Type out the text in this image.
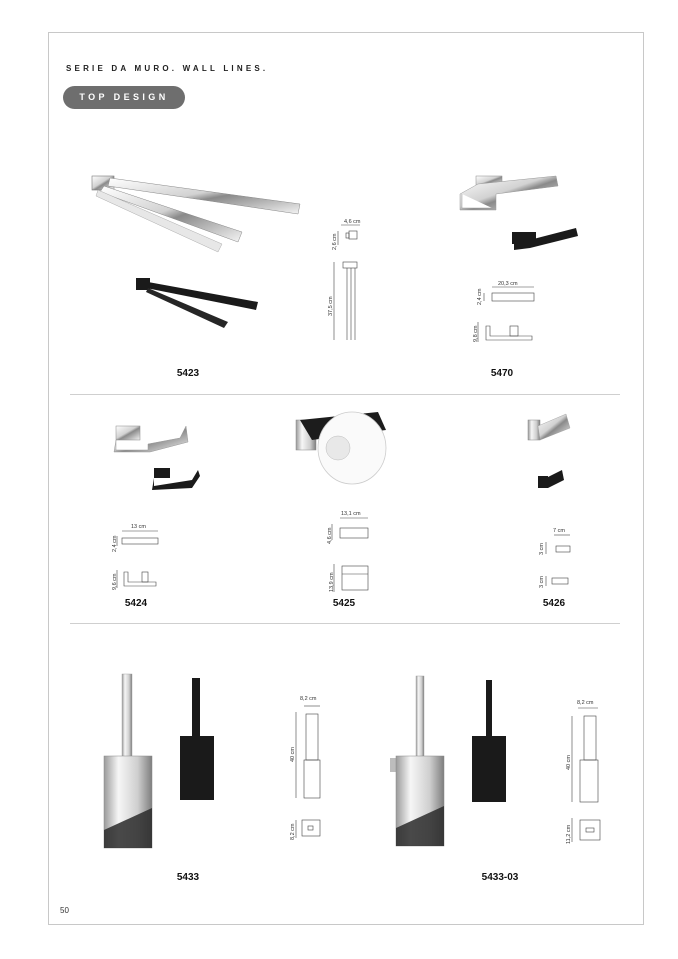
SERIE DA MURO. WALL LINES.
TOP DESIGN
4,6 cm
2,6 cm
37,5 cm
20,3 cm
2,4 cm
9,8 cm
13 cm
2,4 cm
9,6 cm
13,1 cm
4,6 cm
13,9 cm
7 cm
3 cm
3 cm
8,2 cm
40 cm
8,2 cm
8,2 cm
40 cm
11,2 cm
5423	5470
5424	5425	5426
5433	5433-03
50
